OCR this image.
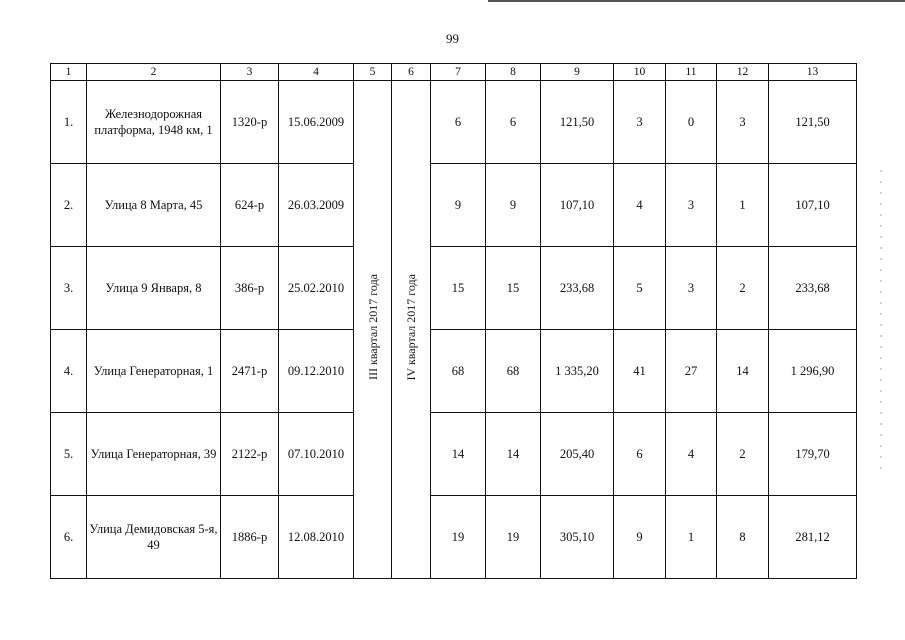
99
1	2	3	4	5	6	7	8	9	10	11	12	13
1.	Железнодорожная платформа, 1948 км, 1	1320-р	15.06.2009	III квартал 2017 года	IV квартал 2017 года	6	6	121,50	3	0	3	121,50
2.	Улица 8 Марта, 45	624-р	26.03.2009			9	9	107,10	4	3	1	107,10
3.	Улица 9 Января, 8	386-р	25.02.2010			15	15	233,68	5	3	2	233,68
4.	Улица Генераторная, 1	2471-р	09.12.2010			68	68	1 335,20	41	27	14	1 296,90
5.	Улица Генераторная, 39	2122-р	07.10.2010			14	14	205,40	6	4	2	179,70
6.	Улица Демидовская 5-я, 49	1886-р	12.08.2010			19	19	305,10	9	1	8	281,12
